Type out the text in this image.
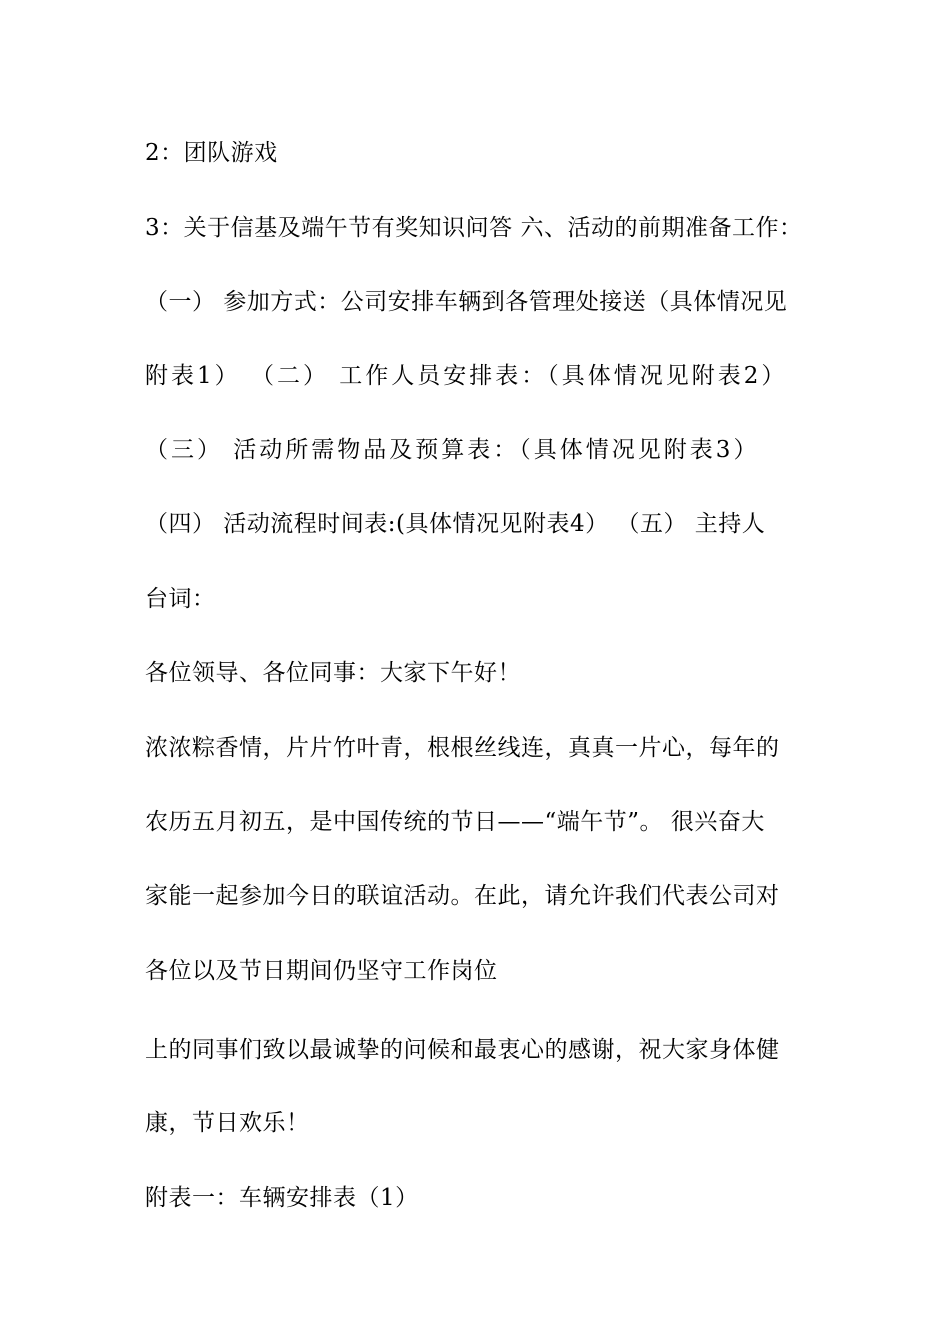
2：团队游戏
3：关于信基及端午节有奖知识问答 六、活动的前期准备工作：
（一） 参加方式：公司安排车辆到各管理处接送（具体情况见
附表1） （二） 工作人员安排表：（具体情况见附表2）
（三） 活动所需物品及预算表：（具体情况见附表3）
（四） 活动流程时间表:(具体情况见附表4） （五） 主持人
台词：
各位领导、各位同事：大家下午好！
浓浓粽香情，片片竹叶青，根根丝线连，真真一片心，每年的
农历五月初五，是中国传统的节日——“端午节”。 很兴奋大
家能一起参加今日的联谊活动。在此，请允许我们代表公司对
各位以及节日期间仍坚守工作岗位
上的同事们致以最诚挚的问候和最衷心的感谢，祝大家身体健
康，节日欢乐！
附表一：车辆安排表（1）
